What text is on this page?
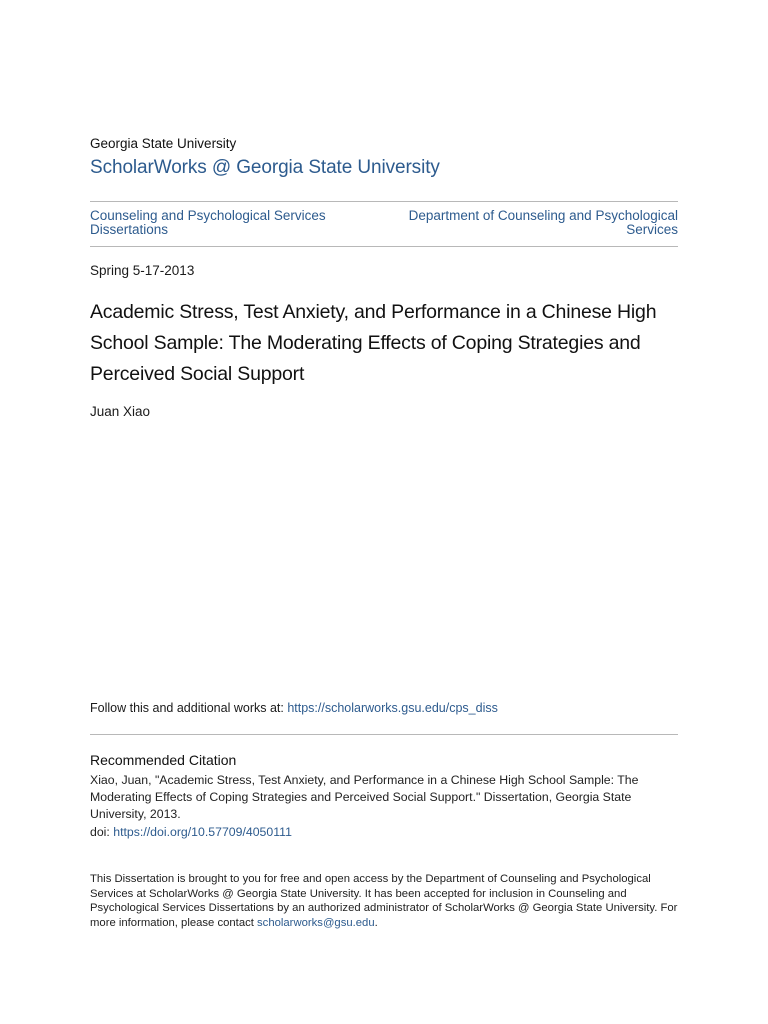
Georgia State University
ScholarWorks @ Georgia State University
Counseling and Psychological Services Dissertations
Department of Counseling and Psychological Services
Spring 5-17-2013
Academic Stress, Test Anxiety, and Performance in a Chinese High School Sample: The Moderating Effects of Coping Strategies and Perceived Social Support
Juan Xiao
Follow this and additional works at: https://scholarworks.gsu.edu/cps_diss
Recommended Citation
Xiao, Juan, "Academic Stress, Test Anxiety, and Performance in a Chinese High School Sample: The Moderating Effects of Coping Strategies and Perceived Social Support." Dissertation, Georgia State University, 2013.
doi: https://doi.org/10.57709/4050111
This Dissertation is brought to you for free and open access by the Department of Counseling and Psychological Services at ScholarWorks @ Georgia State University. It has been accepted for inclusion in Counseling and Psychological Services Dissertations by an authorized administrator of ScholarWorks @ Georgia State University. For more information, please contact scholarworks@gsu.edu.
